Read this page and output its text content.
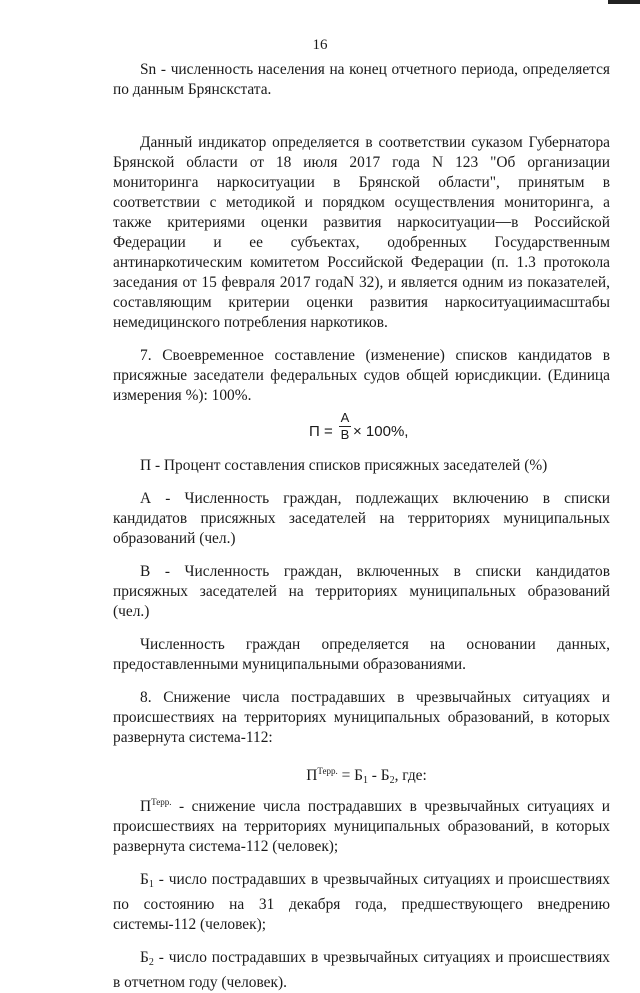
16

Sn - численность населения на конец отчетного периода, определяется по данным Брянскстата.

Данный индикатор определяется в соответствии суказом Губернатора Брянской области от 18 июля 2017 года N 123 "Об организации мониторинга наркоситуации в Брянской области", принятым в соответствии с методикой и порядком осуществления мониторинга, а также критериями оценки развития наркоситуации в Российской Федерации и ее субъектах, одобренных Государственным антинаркотическим комитетом Российской Федерации (п. 1.3 протокола заседания от 15 февраля 2017 годаN 32), и является одним из показателей, составляющим критерии оценки развития наркоситуациимасштабы немедицинского потребления наркотиков.

7. Своевременное составление (изменение) списков кандидатов в присяжные заседатели федеральных судов общей юрисдикции. (Единица измерения %): 100%.

П =
А
В × 100%,

П - Процент составления списков присяжных заседателей (%)

А - Численность граждан, подлежащих включению в списки кандидатов присяжных заседателей на территориях муниципальных образований (чел.)

В - Численность граждан, включенных в списки кандидатов присяжных заседателей на территориях муниципальных образований (чел.)

Численность граждан определяется на основании данных, предоставленными муниципальными образованиями.

8. Снижение числа пострадавших в чрезвычайных ситуациях и происшествиях на территориях муниципальных образований, в которых развернута система-112:

$П^{Терр.} = Б_1 - Б_2$, где:

$П^{Терр.}$ - снижение числа пострадавших в чрезвычайных ситуациях и происшествиях на территориях муниципальных образований, в которых развернута система-112 (человек);

$Б_1$ - число пострадавших в чрезвычайных ситуациях и происшествиях по состоянию на 31 декабря года, предшествующего внедрению системы-112 (человек);

$Б_2$ - число пострадавших в чрезвычайных ситуациях и происшествиях в отчетном году (человек).
